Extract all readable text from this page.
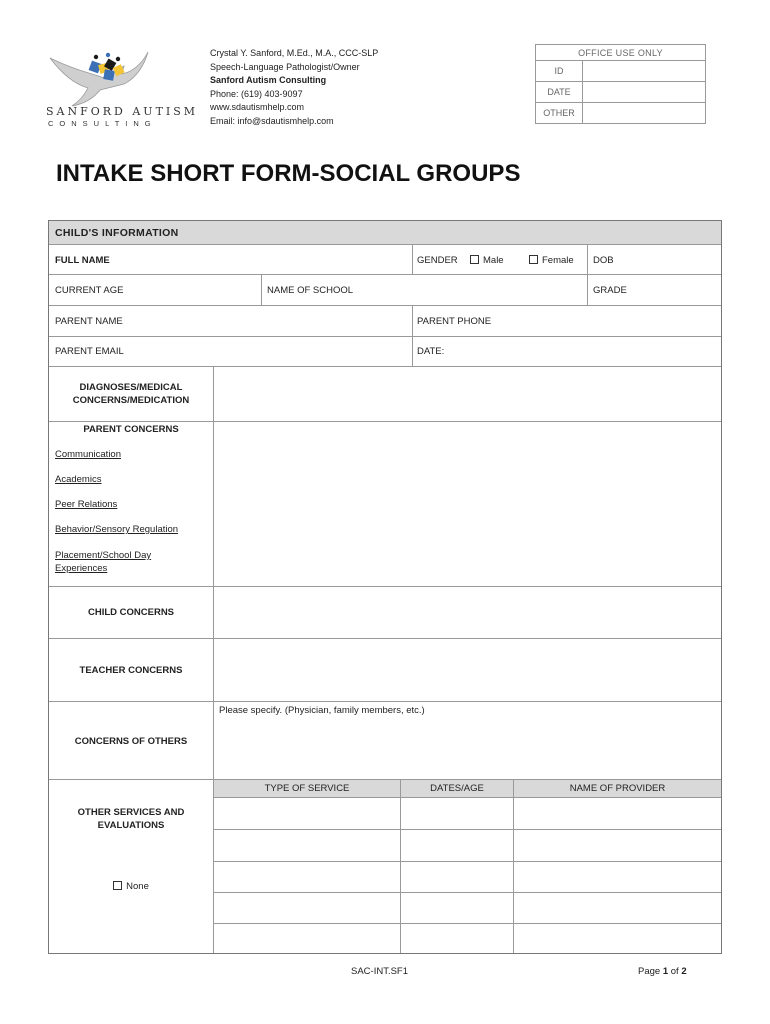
SANFORD AUTISM
CONSULTING
Crystal Y. Sanford, M.Ed., M.A., CCC-SLP
Speech-Language Pathologist/Owner
Sanford Autism Consulting
Phone: (619) 403-9097
www.sdautismhelp.com
Email: info@sdautismhelp.com
OFFICE USE ONLY	
ID	
DATE	
OTHER	
INTAKE SHORT FORM-SOCIAL GROUPS
CHILD'S INFORMATION
FULL NAME	GENDER	Male	Female DOB
CURRENT AGE	NAME OF SCHOOL	GRADE
PARENT NAME	PARENT PHONE
PARENT EMAIL	DATE:
DIAGNOSES/MEDICAL CONCERNS/MEDICATION
PARENT CONCERNS
Communication
Academics
Peer Relations
Behavior/Sensory Regulation
Placement/School Day Experiences
CHILD CONCERNS
TEACHER CONCERNS
Please specify. (Physician, family members, etc.)
CONCERNS OF OTHERS
TYPE OF SERVICE	DATES/AGE	NAME OF PROVIDER
OTHER SERVICES AND EVALUATIONS
None
SAC-INT.SF1	Page 1 of 2
